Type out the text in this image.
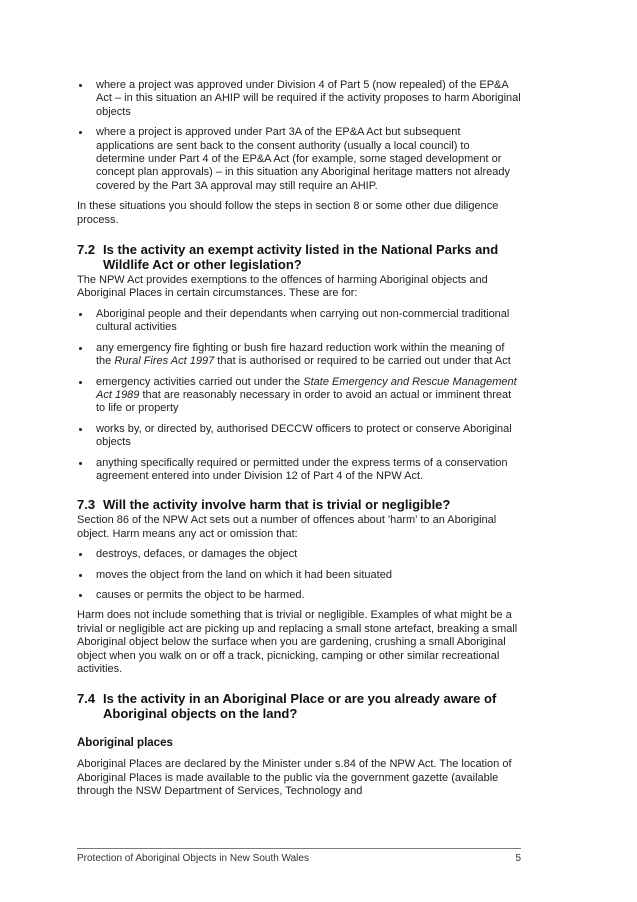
where a project was approved under Division 4 of Part 5 (now repealed) of the EP&A Act – in this situation an AHIP will be required if the activity proposes to harm Aboriginal objects
where a project is approved under Part 3A of the EP&A Act but subsequent applications are sent back to the consent authority (usually a local council) to determine under Part 4 of the EP&A Act (for example, some staged development or concept plan approvals) – in this situation any Aboriginal heritage matters not already covered by the Part 3A approval may still require an AHIP.

In these situations you should follow the steps in section 8 or some other due diligence process.

7.2 Is the activity an exempt activity listed in the National Parks and Wildlife Act or other legislation?

The NPW Act provides exemptions to the offences of harming Aboriginal objects and Aboriginal Places in certain circumstances. These are for:

Aboriginal people and their dependants when carrying out non-commercial traditional cultural activities
any emergency fire fighting or bush fire hazard reduction work within the meaning of the Rural Fires Act 1997 that is authorised or required to be carried out under that Act
emergency activities carried out under the State Emergency and Rescue Management Act 1989 that are reasonably necessary in order to avoid an actual or imminent threat to life or property
works by, or directed by, authorised DECCW officers to protect or conserve Aboriginal objects
anything specifically required or permitted under the express terms of a conservation agreement entered into under Division 12 of Part 4 of the NPW Act.
7.3 Will the activity involve harm that is trivial or negligible?

Section 86 of the NPW Act sets out a number of offences about 'harm' to an Aboriginal object. Harm means any act or omission that:

destroys, defaces, or damages the object
moves the object from the land on which it had been situated
causes or permits the object to be harmed.

Harm does not include something that is trivial or negligible. Examples of what might be a trivial or negligible act are picking up and replacing a small stone artefact, breaking a small Aboriginal object below the surface when you are gardening, crushing a small Aboriginal object when you walk on or off a track, picnicking, camping or other similar recreational activities.

7.4 Is the activity in an Aboriginal Place or are you already aware of Aboriginal objects on the land?
Aboriginal places

Aboriginal Places are declared by the Minister under s.84 of the NPW Act. The location of Aboriginal Places is made available to the public via the government gazette (available through the NSW Department of Services, Technology and

Protection of Aboriginal Objects in New South Wales	5
